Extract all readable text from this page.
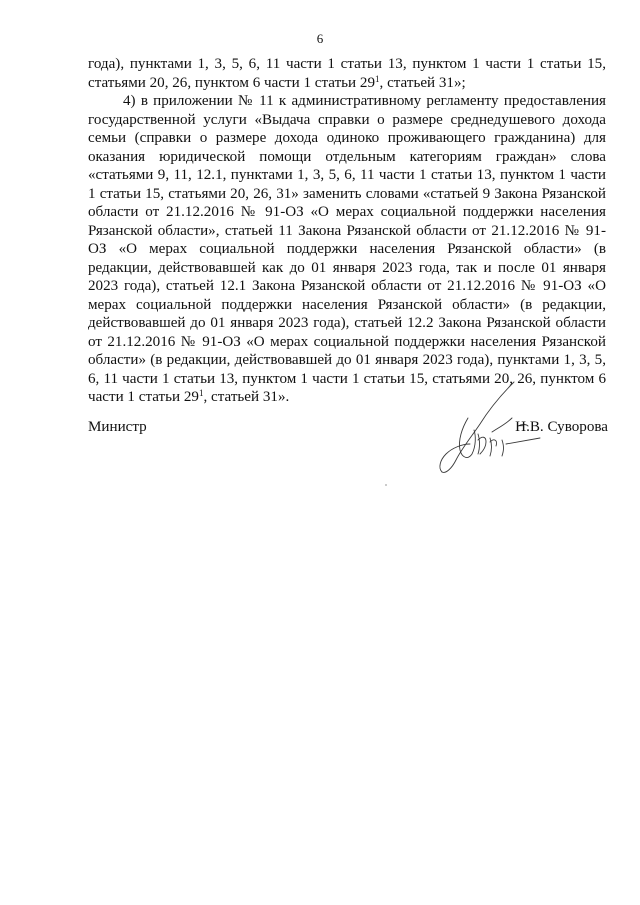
6

года), пунктами 1, 3, 5, 6, 11 части 1 статьи 13, пунктом 1 части 1 статьи 15, статьями 20, 26, пунктом 6 части 1 статьи $29^1$, статьей 31»;

4) в приложении № 11 к административному регламенту предоставления государственной услуги «Выдача справки о размере среднедушевого дохода семьи (справки о размере дохода одиноко проживающего гражданина) для оказания юридической помощи отдельным категориям граждан» слова «статьями 9, 11, 12.1, пунктами 1, 3, 5, 6, 11 части 1 статьи 13, пунктом 1 части 1 статьи 15, статьями 20, 26, 31» заменить словами «статьей 9 Закона Рязанской области от 21.12.2016 № 91-ОЗ «О мерах социальной поддержки населения Рязанской области», статьей 11 Закона Рязанской области от 21.12.2016 № 91-ОЗ «О мерах социальной поддержки населения Рязанской области» (в редакции, действовавшей как до 01 января 2023 года, так и после 01 января 2023 года), статьей 12.1 Закона Рязанской области от 21.12.2016 № 91-ОЗ «О мерах социальной поддержки населения Рязанской области» (в редакции, действовавшей до 01 января 2023 года), статьей 12.2 Закона Рязанской области от 21.12.2016 № 91-ОЗ «О мерах социальной поддержки населения Рязанской области» (в редакции, действовавшей до 01 января 2023 года), пунктами 1, 3, 5, 6, 11 части 1 статьи 13, пунктом 1 части 1 статьи 15, статьями 20, 26, пунктом 6 части 1 статьи $29^1$, статьей 31».

Министр	Н.В. Суворова
